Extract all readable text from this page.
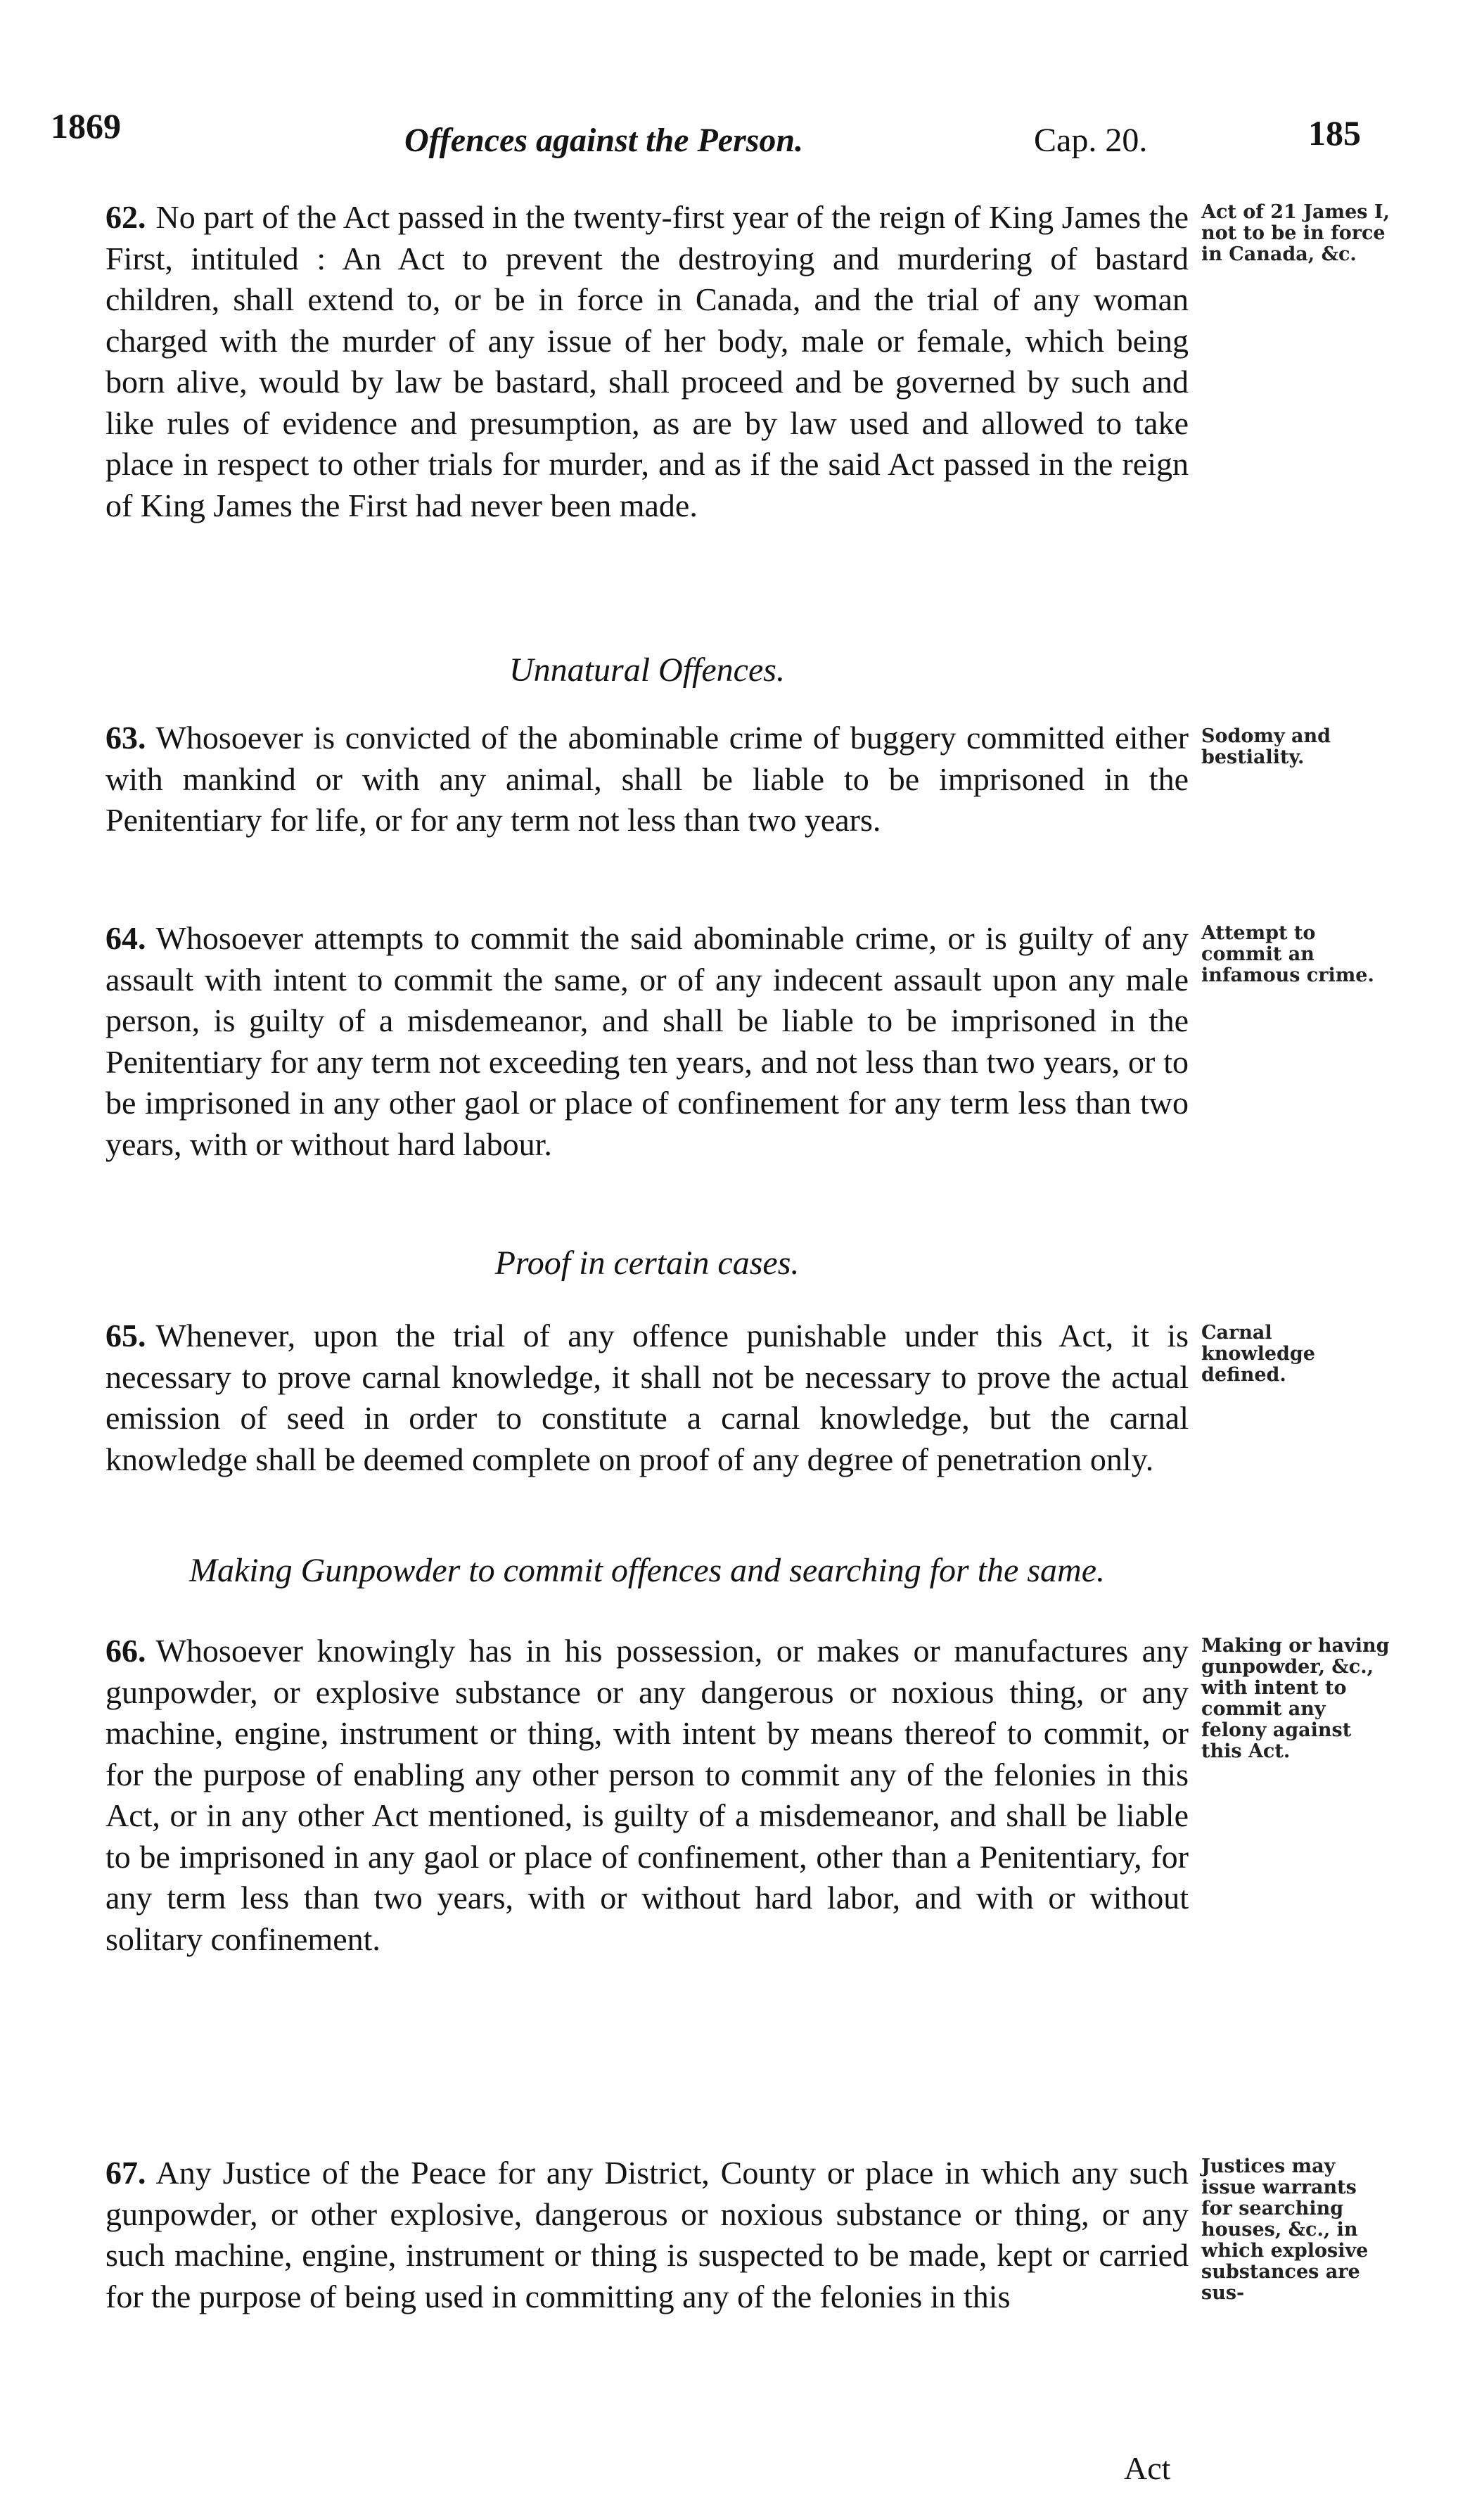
1869	Offences against the Person.	Cap. 20.	185

62. No part of the Act passed in the twenty-first year of the reign of King James the First, intituled : An Act to prevent the destroying and murdering of bastard children, shall extend to, or be in force in Canada, and the trial of any woman charged with the murder of any issue of her body, male or female, which being born alive, would by law be bastard, shall proceed and be governed by such and like rules of evidence and presumption, as are by law used and allowed to take place in respect to other trials for murder, and as if the said Act passed in the reign of King James the First had never been made.

Unnatural Offences.

63. Whosoever is convicted of the abominable crime of buggery committed either with mankind or with any animal, shall be liable to be imprisoned in the Penitentiary for life, or for any term not less than two years.

64. Whosoever attempts to commit the said abominable crime, or is guilty of any assault with intent to commit the same, or of any indecent assault upon any male person, is guilty of a misdemeanor, and shall be liable to be imprisoned in the Penitentiary for any term not exceeding ten years, and not less than two years, or to be imprisoned in any other gaol or place of confinement for any term less than two years, with or without hard labour.

Proof in certain cases.

65. Whenever, upon the trial of any offence punishable under this Act, it is necessary to prove carnal knowledge, it shall not be necessary to prove the actual emission of seed in order to constitute a carnal knowledge, but the carnal knowledge shall be deemed complete on proof of any degree of penetration only.

Making Gunpowder to commit offences and searching for the same.

66. Whosoever knowingly has in his possession, or makes or manufactures any gunpowder, or explosive substance or any dangerous or noxious thing, or any machine, engine, instrument or thing, with intent by means thereof to commit, or for the purpose of enabling any other person to commit any of the felonies in this Act, or in any other Act mentioned, is guilty of a misdemeanor, and shall be liable to be imprisoned in any gaol or place of confinement, other than a Penitentiary, for any term less than two years, with or without hard labor, and with or without solitary confinement.

67. Any Justice of the Peace for any District, County or place in which any such gunpowder, or other explosive, dangerous or noxious substance or thing, or any such machine, engine, instrument or thing is suspected to be made, kept or carried for the purpose of being used in committing any of the felonies in this

Act of 21 James I, not to be in force in Canada, &c.
Sodomy and bestiality.
Attempt to commit an infamous crime.
Carnal knowledge defined.
Making or having gunpowder, &c., with intent to commit any felony against this Act.
Justices may issue warrants for searching houses, &c., in which explosive substances are sus-
Act
